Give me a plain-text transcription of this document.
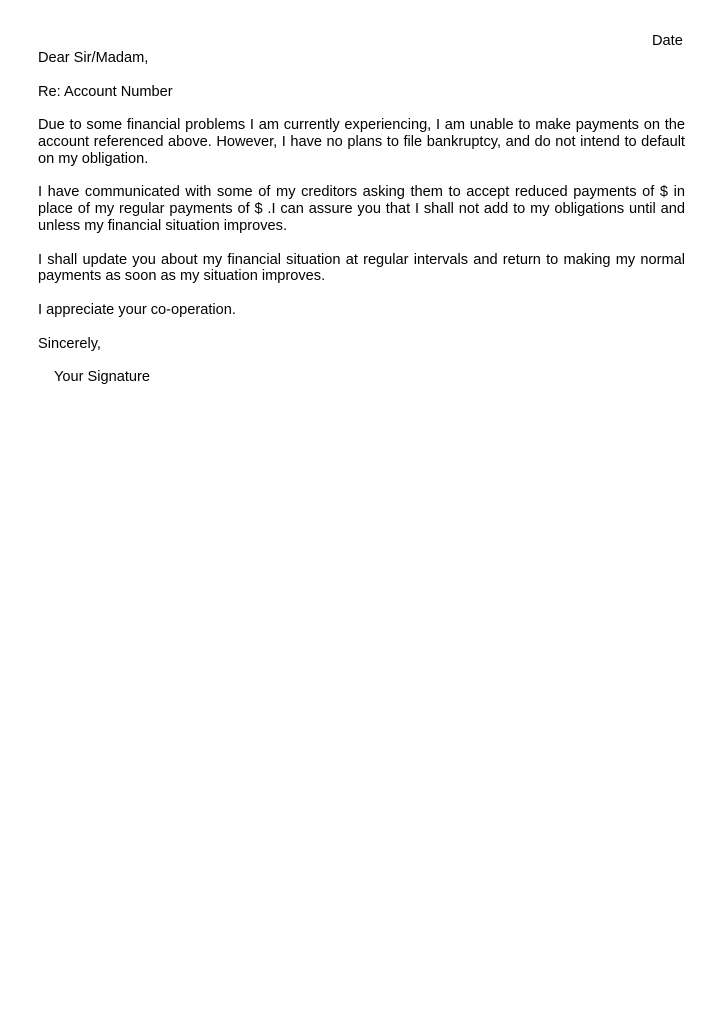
Date

Dear Sir/Madam,

Re: Account Number

Due to some financial problems I am currently experiencing, I am unable to make payments on the account referenced above. However, I have no plans to file bankruptcy, and do not intend to default on my obligation.

I have communicated with some of my creditors asking them to accept reduced payments of $ in place of my regular payments of $ .I can assure you that I shall not add to my obligations until and unless my financial situation improves.

I shall update you about my financial situation at regular intervals and return to making my normal payments as soon as my situation improves.

I appreciate your co-operation.

Sincerely,

Your Signature
